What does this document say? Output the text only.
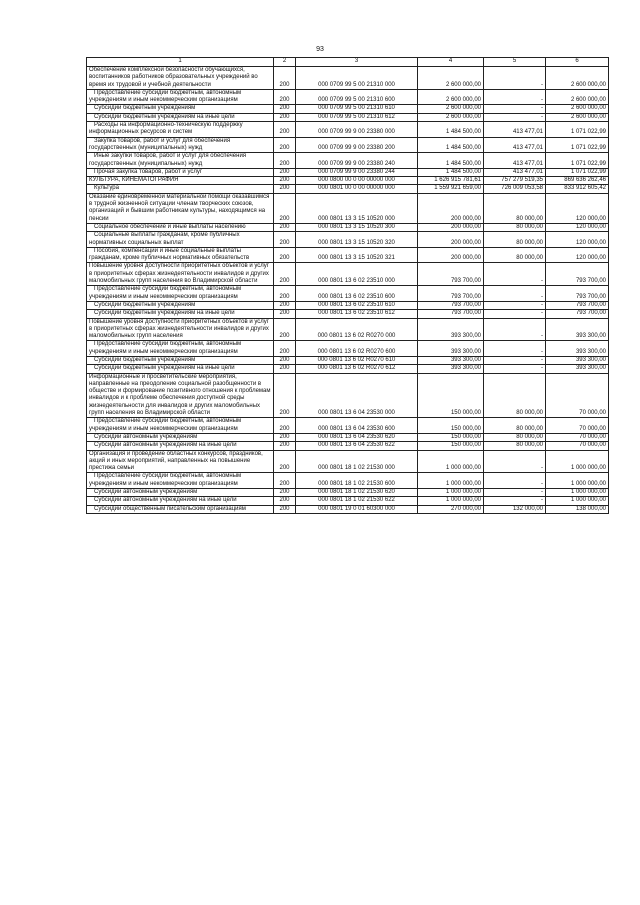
93
1	2	3	4	5	6
Обеспечение комплексной безопасности обучающихся, воспитанников работников образовательных учреждений во время их трудовой и учебной деятельности	200	000 0709 99 5 00 21310 000	2 600 000,00	-	2 600 000,00
Предоставление субсидий бюджетным, автономным учреждениям и иным некоммерческим организациям	200	000 0709 99 5 00 21310 600	2 600 000,00	-	2 600 000,00
Субсидии бюджетным учреждениям	200	000 0709 99 5 00 21310 610	2 600 000,00	-	2 600 000,00
Субсидии бюджетным учреждениям на иные цели	200	000 0709 99 5 00 21310 612	2 600 000,00	-	2 600 000,00
Расходы на информационно-техническую поддержку информационных ресурсов и систем	200	000 0709 99 9 00 23380 000	1 484 500,00	413 477,01	1 071 022,99
Закупка товаров, работ и услуг для обеспечения государственных (муниципальных) нужд	200	000 0709 99 9 00 23380 200	1 484 500,00	413 477,01	1 071 022,99
Иные закупки товаров, работ и услуг для обеспечения государственных (муниципальных) нужд	200	000 0709 99 9 00 23380 240	1 484 500,00	413 477,01	1 071 022,99
Прочая закупка товаров, работ и услуг	200	000 0709 99 9 00 23380 244	1 484 500,00	413 477,01	1 071 022,99
КУЛЬТУРА, КИНЕМАТОГРАФИЯ	200	000 0800 00 0 00 00000 000	1 626 915 781,61	757 279 519,35	869 636 262,46
Культура	200	000 0801 00 0 00 00000 000	1 559 921 659,00	726 009 053,58	833 912 605,42
Оказание единовременной материальной помощи оказавшимся в трудной жизненной ситуации членам творческих союзов, организаций и бывшим работникам культуры, находящимся на пенсии	200	000 0801 13 3 15 10520 000	200 000,00	80 000,00	120 000,00
Социальное обеспечение и иные выплаты населению	200	000 0801 13 3 15 10520 300	200 000,00	80 000,00	120 000,00
Социальные выплаты гражданам, кроме публичных нормативных социальных выплат	200	000 0801 13 3 15 10520 320	200 000,00	80 000,00	120 000,00
Пособия, компенсации и иные социальные выплаты гражданам, кроме публичных нормативных обязательств	200	000 0801 13 3 15 10520 321	200 000,00	80 000,00	120 000,00
Повышение уровня доступности приоритетных объектов и услуг в приоритетных сферах жизнедеятельности инвалидов и других маломобильных групп населения во Владимирской области	200	000 0801 13 6 02 23510 000	793 700,00	-	793 700,00
Предоставление субсидий бюджетным, автономным учреждениям и иным некоммерческим организациям	200	000 0801 13 6 02 23510 600	793 700,00	-	793 700,00
Субсидии бюджетным учреждениям	200	000 0801 13 6 02 23510 610	793 700,00	-	793 700,00
Субсидии бюджетным учреждениям на иные цели	200	000 0801 13 6 02 23510 612	793 700,00	-	793 700,00
Повышение уровня доступности приоритетных объектов и услуг в приоритетных сферах жизнедеятельности инвалидов и других маломобильных групп населения	200	000 0801 13 6 02 R0270 000	393 300,00	-	393 300,00
Предоставление субсидий бюджетным, автономным учреждениям и иным некоммерческим организациям	200	000 0801 13 6 02 R0270 600	393 300,00	-	393 300,00
Субсидии бюджетным учреждениям	200	000 0801 13 6 02 R0270 610	393 300,00	-	393 300,00
Субсидии бюджетным учреждениям на иные цели	200	000 0801 13 6 02 R0270 612	393 300,00	-	393 300,00
Информационные и просветительские мероприятия, направленные на преодоление социальной разобщенности в обществе и формирование позитивного отношения к проблемам инвалидов и к проблеме обеспечения доступной среды жизнедеятельности для инвалидов и других маломобильных групп населения во Владимирской области	200	000 0801 13 6 04 23530 000	150 000,00	80 000,00	70 000,00
Предоставление субсидий бюджетным, автономным учреждениям и иным некоммерческим организациям	200	000 0801 13 6 04 23530 600	150 000,00	80 000,00	70 000,00
Субсидии автономным учреждениям	200	000 0801 13 6 04 23530 620	150 000,00	80 000,00	70 000,00
Субсидии автономным учреждениям на иные цели	200	000 0801 13 6 04 23530 622	150 000,00	80 000,00	70 000,00
Организация и проведение областных конкурсов, праздников, акций и иных мероприятий, направленных на повышение престижа семьи	200	000 0801 18 1 02 21530 000	1 000 000,00	-	1 000 000,00
Предоставление субсидий бюджетным, автономным учреждениям и иным некоммерческим организациям	200	000 0801 18 1 02 21530 600	1 000 000,00	-	1 000 000,00
Субсидии автономным учреждениям	200	000 0801 18 1 02 21530 620	1 000 000,00	-	1 000 000,00
Субсидии автономным учреждениям на иные цели	200	000 0801 18 1 02 21530 622	1 000 000,00	-	1 000 000,00
Субсидии общественным писательским организациям	200	000 0801 19 0 01 60300 000	270 000,00	132 000,00	138 000,00
